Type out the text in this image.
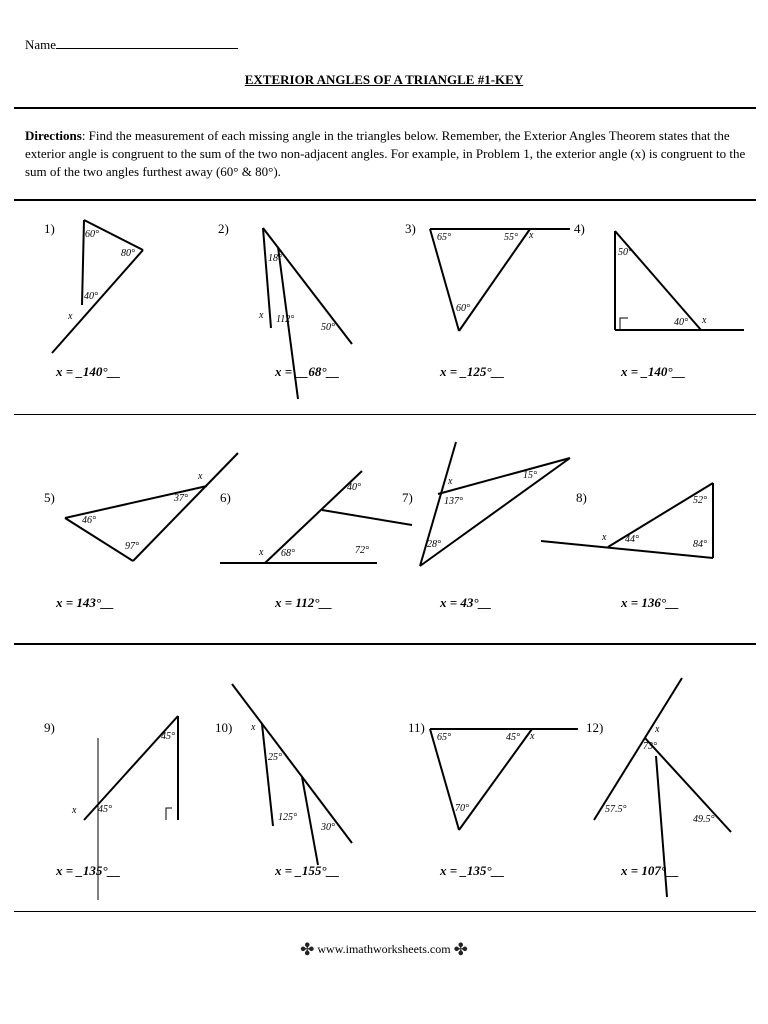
Name
EXTERIOR ANGLES OF A TRIANGLE #1-KEY
Directions: Find the measurement of each missing angle in the triangles below. Remember, the Exterior Angles Theorem states that the exterior angle is congruent to the sum of the two non-adjacent angles. For example, in Problem 1, the exterior angle (x) is congruent to the sum of the two angles furthest away (60° & 80°).
1)	2)	3)	4)
5)	6)	7)	8)
9)	10)	11)	12)
60°
80°
40°
x
18°
x 112°
50°
65°	55° x
60°
50°
40° x
x
37°
46°
97°
40°
x 68°	72°
x
15°
137°
28°
52°
x 44°	84°
45°
x 45°
x
25°
125°
30°
65°	45° x
70°
x
73°
57.5°
49.5°
x = _140°__	x = __68°__	x = _125°__	x = _140°__
x = 143°__	x = 112°__	x = 43°__	x = 136°__
x = _135°__	x = _155°__	x = _135°__	x = 107°__
✤ www.imathworksheets.com ✤
